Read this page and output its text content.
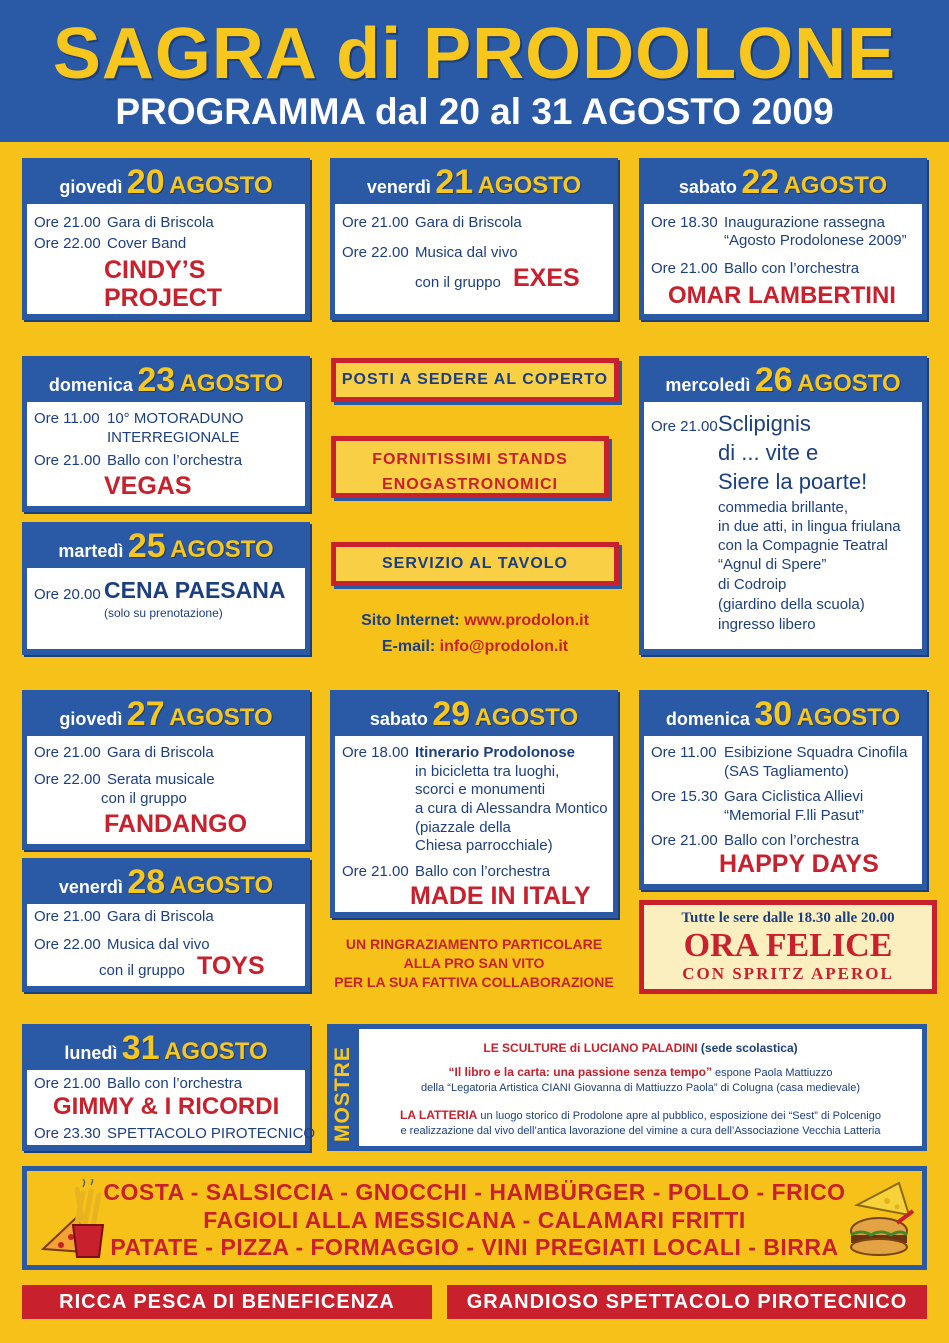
SAGRA di PRODOLONE
PROGRAMMA dal 20 al 31 AGOSTO 2009
giovedì 20 AGOSTO
Ore 21.00 Gara di Briscola
Ore 22.00 Cover Band
CINDY’S
PROJECT
venerdì 21 AGOSTO
Ore 21.00 Gara di Briscola
Ore 22.00 Musica dal vivo
con il gruppo EXES
sabato 22 AGOSTO
Ore 18.30 Inaugurazione rassegna
“Agosto Prodolonese 2009”
Ore 21.00 Ballo con l’orchestra
OMAR LAMBERTINI
domenica 23 AGOSTO
Ore 11.00 10° MOTORADUNO
INTERREGIONALE
Ore 21.00 Ballo con l’orchestra
VEGAS
martedì 25 AGOSTO
Ore 20.00 CENA PAESANA
(solo su prenotazione)
mercoledì 26 AGOSTO
Ore 21.00 Sclipignis
di ... vite e
Siere la poarte!
commedia brillante,
in due atti, in lingua friulana
con la Compagnie Teatral
“Agnul di Spere”
di Codroip
(giardino della scuola)
ingresso libero
POSTI A SEDERE AL COPERTO
FORNITISSIMI STANDS
ENOGASTRONOMICI
SERVIZIO AL TAVOLO
Sito Internet: www.prodolon.it
E-mail: info@prodolon.it
giovedì 27 AGOSTO
Ore 21.00 Gara di Briscola
Ore 22.00 Serata musicale
con il gruppo
FANDANGO
venerdì 28 AGOSTO
Ore 21.00 Gara di Briscola
Ore 22.00 Musica dal vivo
con il gruppo TOYS
sabato 29 AGOSTO
Ore 18.00 Itinerario Prodolonose
in bicicletta tra luoghi,
scorci e monumenti
a cura di Alessandra Montico
(piazzale della
Chiesa parrocchiale)
Ore 21.00 Ballo con l’orchestra
MADE IN ITALY
UN RINGRAZIAMENTO PARTICOLARE
ALLA PRO SAN VITO
PER LA SUA FATTIVA COLLABORAZIONE
domenica 30 AGOSTO
Ore 11.00 Esibizione Squadra Cinofila
(SAS Tagliamento)
Ore 15.30 Gara Ciclistica Allievi
“Memorial F.lli Pasut”
Ore 21.00 Ballo con l’orchestra
HAPPY DAYS
Tutte le sere dalle 18.30 alle 20.00
ORA FELICE
CON SPRITZ APEROL
lunedì 31 AGOSTO
Ore 21.00 Ballo con l’orchestra
GIMMY & I RICORDI
Ore 23.30 SPETTACOLO PIROTECNICO MOSTRE	LE SCULTURE di LUCIANO PALADINI (sede scolastica)
“Il libro e la carta: una passione senza tempo” espone Paola Mattiuzzo
della “Legatoria Artistica CIANI Giovanna di Mattiuzzo Paola” di Colugna (casa medievale)
LA LATTERIA un luogo storico di Prodolone apre al pubblico, esposizione dei “Sest” di Polcenigo
e realizzazione dal vivo dell’antica lavorazione del vimine a cura dell’Associazione Vecchia Latteria
COSTA - SALSICCIA - GNOCCHI - HAMBÜRGER - POLLO - FRICO
FAGIOLI ALLA MESSICANA - CALAMARI FRITTI
PATATE - PIZZA - FORMAGGIO - VINI PREGIATI LOCALI - BIRRA
RICCA PESCA DI BENEFICENZA	GRANDIOSO SPETTACOLO PIROTECNICO
